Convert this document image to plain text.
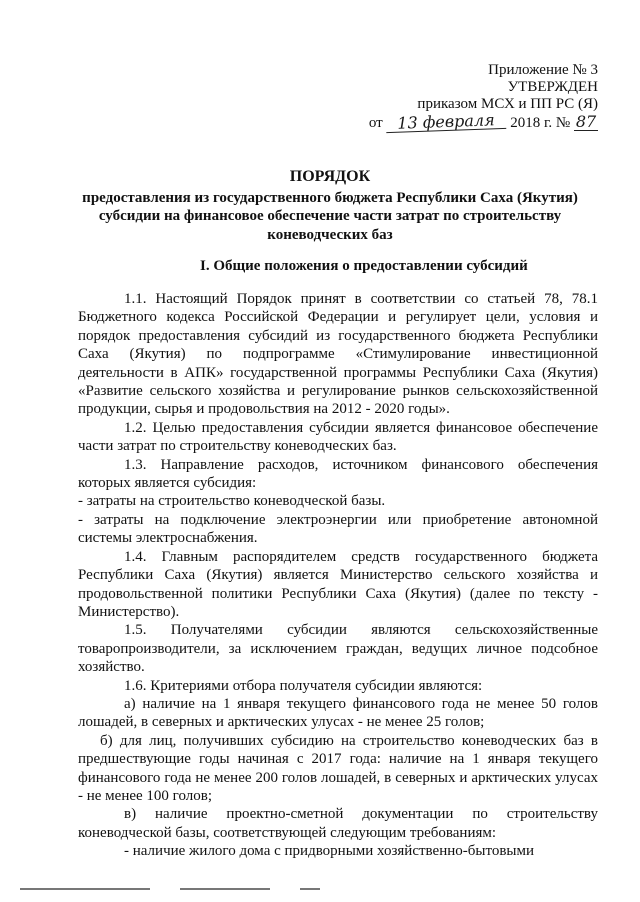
Приложение № 3
УТВЕРЖДЕН
приказом МСХ и ПП РС (Я)
от 13 февраля 2018 г. № 87
ПОРЯДОК
предоставления из государственного бюджета Республики Саха (Якутия) субсидии на финансовое обеспечение части затрат по строительству коневодческих баз
I. Общие положения о предоставлении субсидий

1.1. Настоящий Порядок принят в соответствии со статьей 78, 78.1 Бюджетного кодекса Российской Федерации и регулирует цели, условия и порядок предоставления субсидий из государственного бюджета Республики Саха (Якутия) по подпрограмме «Стимулирование инвестиционной деятельности в АПК» государственной программы Республики Саха (Якутия) «Развитие сельского хозяйства и регулирование рынков сельскохозяйственной продукции, сырья и продовольствия на 2012 - 2020 годы».

1.2. Целью предоставления субсидии является финансовое обеспечение части затрат по строительству коневодческих баз.

1.3. Направление расходов, источником финансового обеспечения которых является субсидия:

- затраты на строительство коневодческой базы.

- затраты на подключение электроэнергии или приобретение автономной системы электроснабжения.

1.4. Главным распорядителем средств государственного бюджета Республики Саха (Якутия) является Министерство сельского хозяйства и продовольственной политики Республики Саха (Якутия) (далее по тексту - Министерство).

1.5. Получателями субсидии являются сельскохозяйственные товаропроизводители, за исключением граждан, ведущих личное подсобное хозяйство.

1.6. Критериями отбора получателя субсидии являются:

а) наличие на 1 января текущего финансового года не менее 50 голов лошадей, в северных и арктических улусах - не менее 25 голов;

б) для лиц, получивших субсидию на строительство коневодческих баз в предшествующие годы начиная с 2017 года: наличие на 1 января текущего финансового года не менее 200 голов лошадей, в северных и арктических улусах - не менее 100 голов;

в) наличие проектно-сметной документации по строительству коневодческой базы, соответствующей следующим требованиям:

- наличие жилого дома с придворными хозяйственно-бытовыми
